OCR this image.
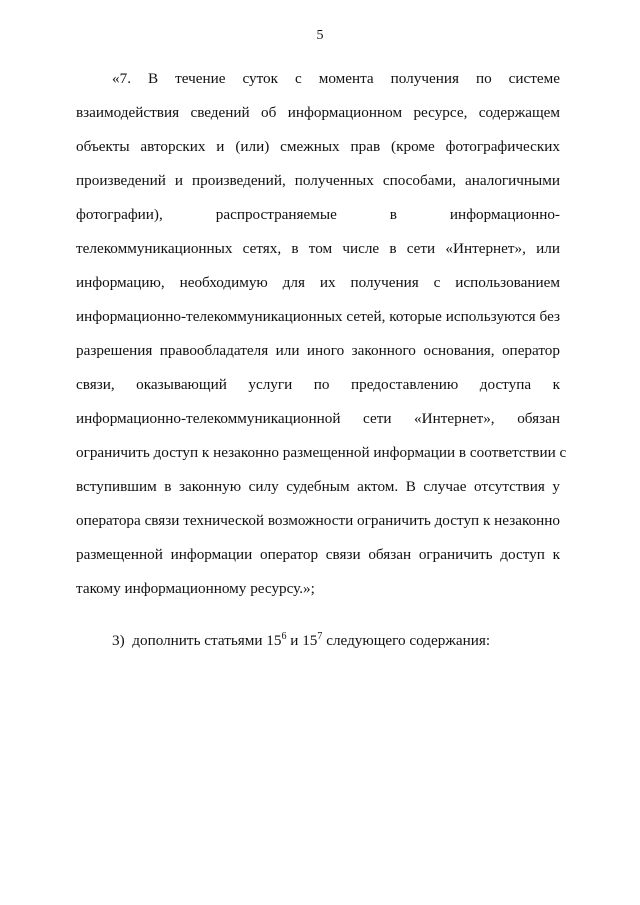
5
«7. В течение суток с момента получения по системе
взаимодействия сведений об информационном ресурсе, содержащем
объекты авторских и (или) смежных прав (кроме фотографических
произведений и произведений, полученных способами, аналогичными
фотографии), распространяемые в информационно-
телекоммуникационных сетях, в том числе в сети «Интернет», или
информацию, необходимую для их получения с использованием
информационно-телекоммуникационных сетей, которые используются без
разрешения правообладателя или иного законного основания, оператор
связи, оказывающий услуги по предоставлению доступа к
информационно-телекоммуникационной сети «Интернет», обязан
ограничить доступ к незаконно размещенной информации в соответствии с
вступившим в законную силу судебным актом. В случае отсутствия у
оператора связи технической возможности ограничить доступ к незаконно
размещенной информации оператор связи обязан ограничить доступ к
такому информационному ресурсу.»;
3) дополнить статьями $15^6$ и $15^7$ следующего содержания:
